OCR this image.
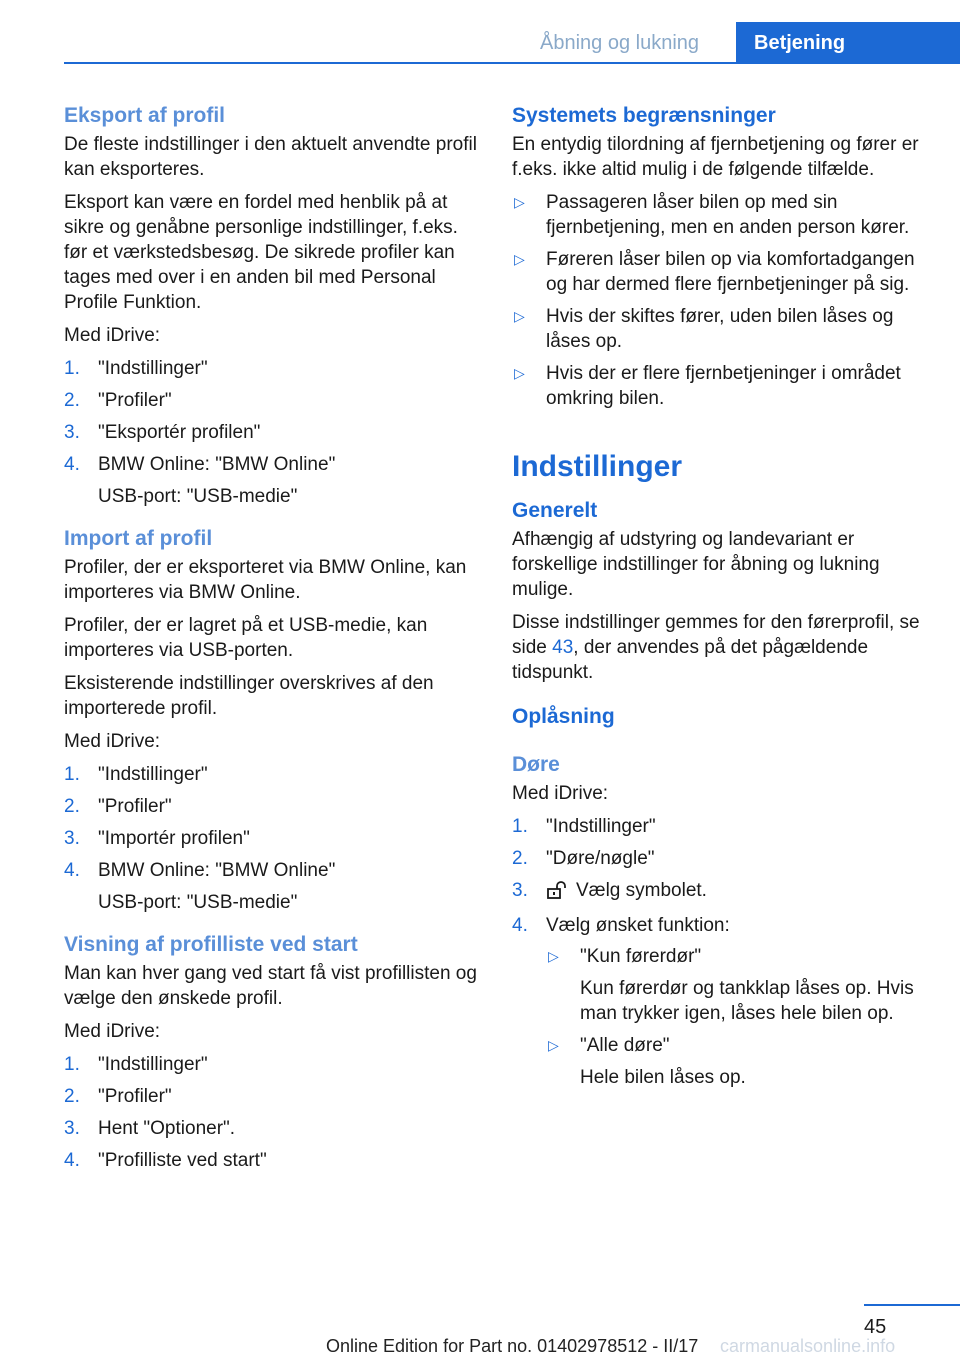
Åbning og lukning	Betjening
Eksport af profil

De fleste indstillinger i den aktuelt anvendte profil kan eksporteres.

Eksport kan være en fordel med henblik på at sikre og genåbne personlige indstillinger, f.eks. før et værkstedsbesøg. De sikrede profiler kan tages med over i en anden bil med Personal Profile Funktion.

Med iDrive:

1. "Indstillinger"
2. "Profiler"
3. "Eksportér profilen"
4. BMW Online: "BMW Online"
USB-port: "USB-medie"
Import af profil

Profiler, der er eksporteret via BMW Online, kan importeres via BMW Online.

Profiler, der er lagret på et USB-medie, kan importeres via USB-porten.

Eksisterende indstillinger overskrives af den importerede profil.

Med iDrive:

1. "Indstillinger"
2. "Profiler"
3. "Importér profilen"
4. BMW Online: "BMW Online"
USB-port: "USB-medie"
Visning af profilliste ved start

Man kan hver gang ved start få vist profillisten og vælge den ønskede profil.

Med iDrive:

1. "Indstillinger"
2. "Profiler"
3. Hent "Optioner".
4. "Profilliste ved start"
Systemets begrænsninger

En entydig tilordning af fjernbetjening og fører er f.eks. ikke altid mulig i de følgende tilfælde.

▷ Passageren låser bilen op med sin fjernbetjening, men en anden person kører.
▷ Føreren låser bilen op via komfortadgangen og har dermed flere fjernbetjeninger på sig.
▷ Hvis der skiftes fører, uden bilen låses og låses op.
▷ Hvis der er flere fjernbetjeninger i området omkring bilen.
Indstillinger
Generelt

Afhængig af udstyring og landevariant er forskellige indstillinger for åbning og lukning mulige.

Disse indstillinger gemmes for den førerprofil, se side 43, der anvendes på det pågældende tidspunkt.

Oplåsning
Døre

Med iDrive:

1. "Indstillinger"
2. "Døre/nøgle"
3.	Vælg symbolet.
4. Vælg ønsket funktion:
▷ "Kun førerdør"
Kun førerdør og tankklap låses op. Hvis man trykker igen, låses hele bilen op.
▷ "Alle døre"
Hele bilen låses op.
45
Online Edition for Part no. 01402978512 - II/17 carmanualsonline.info
